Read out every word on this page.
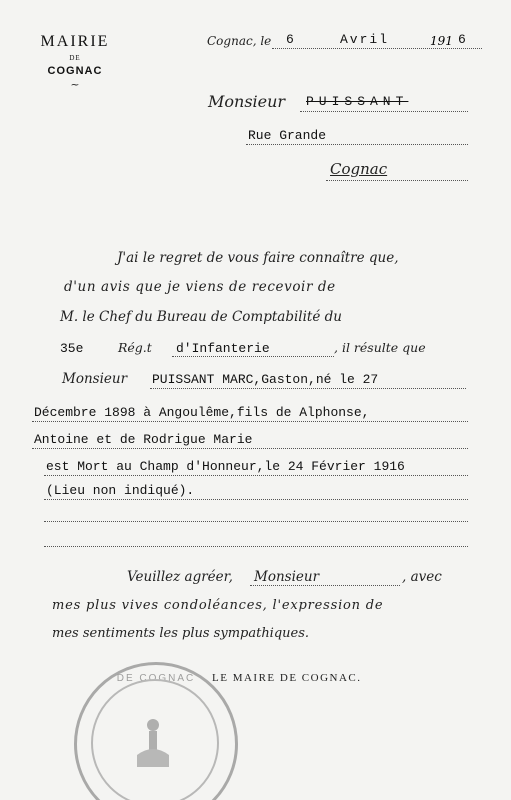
MAIRIE
DE
COGNAC
~
Cognac, le 6	Avril	191 6
Monsieur PUISSANT
Rue Grande
Cognac
J'ai le regret de vous faire connaître que,
d'un avis que je viens de recevoir de
M. le Chef du Bureau de Comptabilité du
35e	Rég.t d'Infanterie	, il résulte que
Monsieur PUISSANT MARC,Gaston,né le 27
Décembre 1898 à Angoulême,fils de Alphonse,
Antoine et de Rodrigue Marie
est Mort au Champ d'Honneur,le 24 Février 1916
(Lieu non indiqué).
Veuillez agréer, Monsieur	, avec
mes plus vives condoléances, l'expression de
mes sentiments les plus sympathiques.
LE MAIRE DE COGNAC.
DE COGNAC
